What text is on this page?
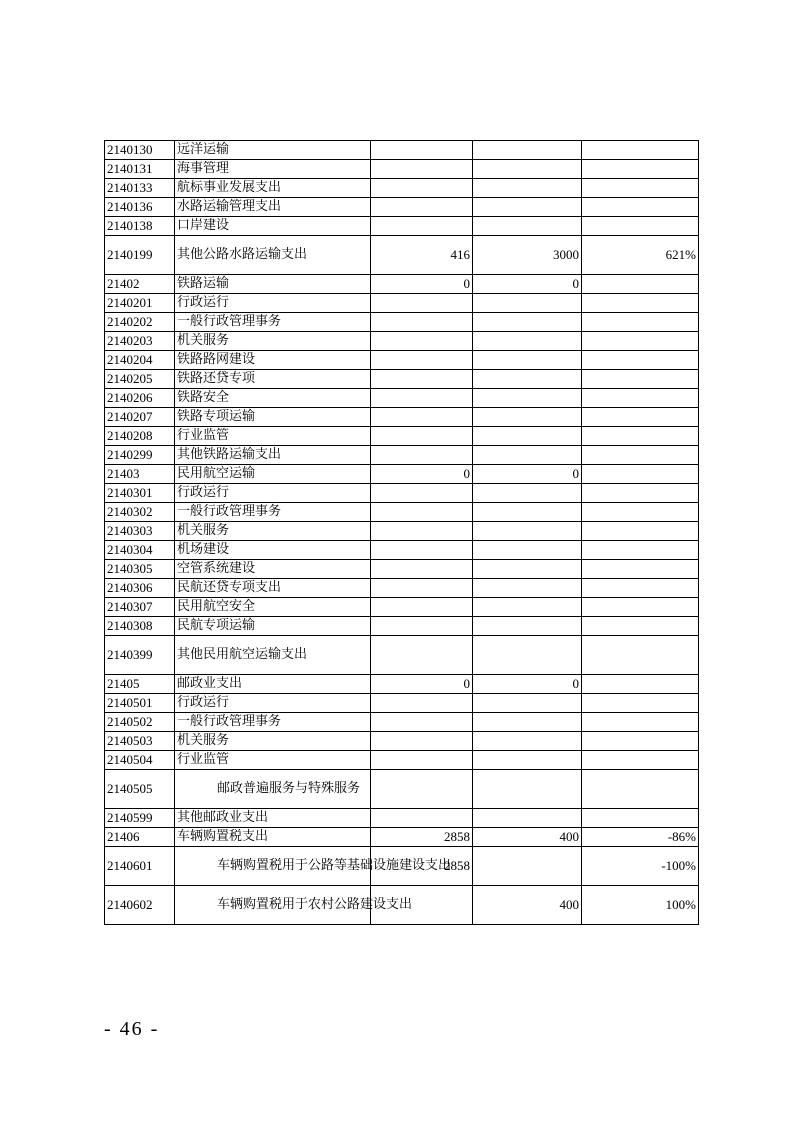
2140130	远洋运输			
2140131	海事管理			
2140133	航标事业发展支出			
2140136	水路运输管理支出			
2140138	口岸建设			
2140199	其他公路水路运输支出	416	3000	621%
21402	铁路运输	0	0	
2140201	行政运行			
2140202	一般行政管理事务			
2140203	机关服务			
2140204	铁路路网建设			
2140205	铁路还贷专项			
2140206	铁路安全			
2140207	铁路专项运输			
2140208	行业监管			
2140299	其他铁路运输支出			
21403	民用航空运输	0	0	
2140301	行政运行			
2140302	一般行政管理事务			
2140303	机关服务			
2140304	机场建设			
2140305	空管系统建设			
2140306	民航还贷专项支出			
2140307	民用航空安全			
2140308	民航专项运输			
2140399	其他民用航空运输支出			
21405	邮政业支出	0	0	
2140501	行政运行			
2140502	一般行政管理事务			
2140503	机关服务			
2140504	行业监管			
2140505	邮政普遍服务与特殊服务			
2140599	其他邮政业支出			
21406	车辆购置税支出	2858	400	-86%
2140601	车辆购置税用于公路等基础设施建设支出	2858		-100%
2140602	车辆购置税用于农村公路建设支出		400	100%
- 46 -
